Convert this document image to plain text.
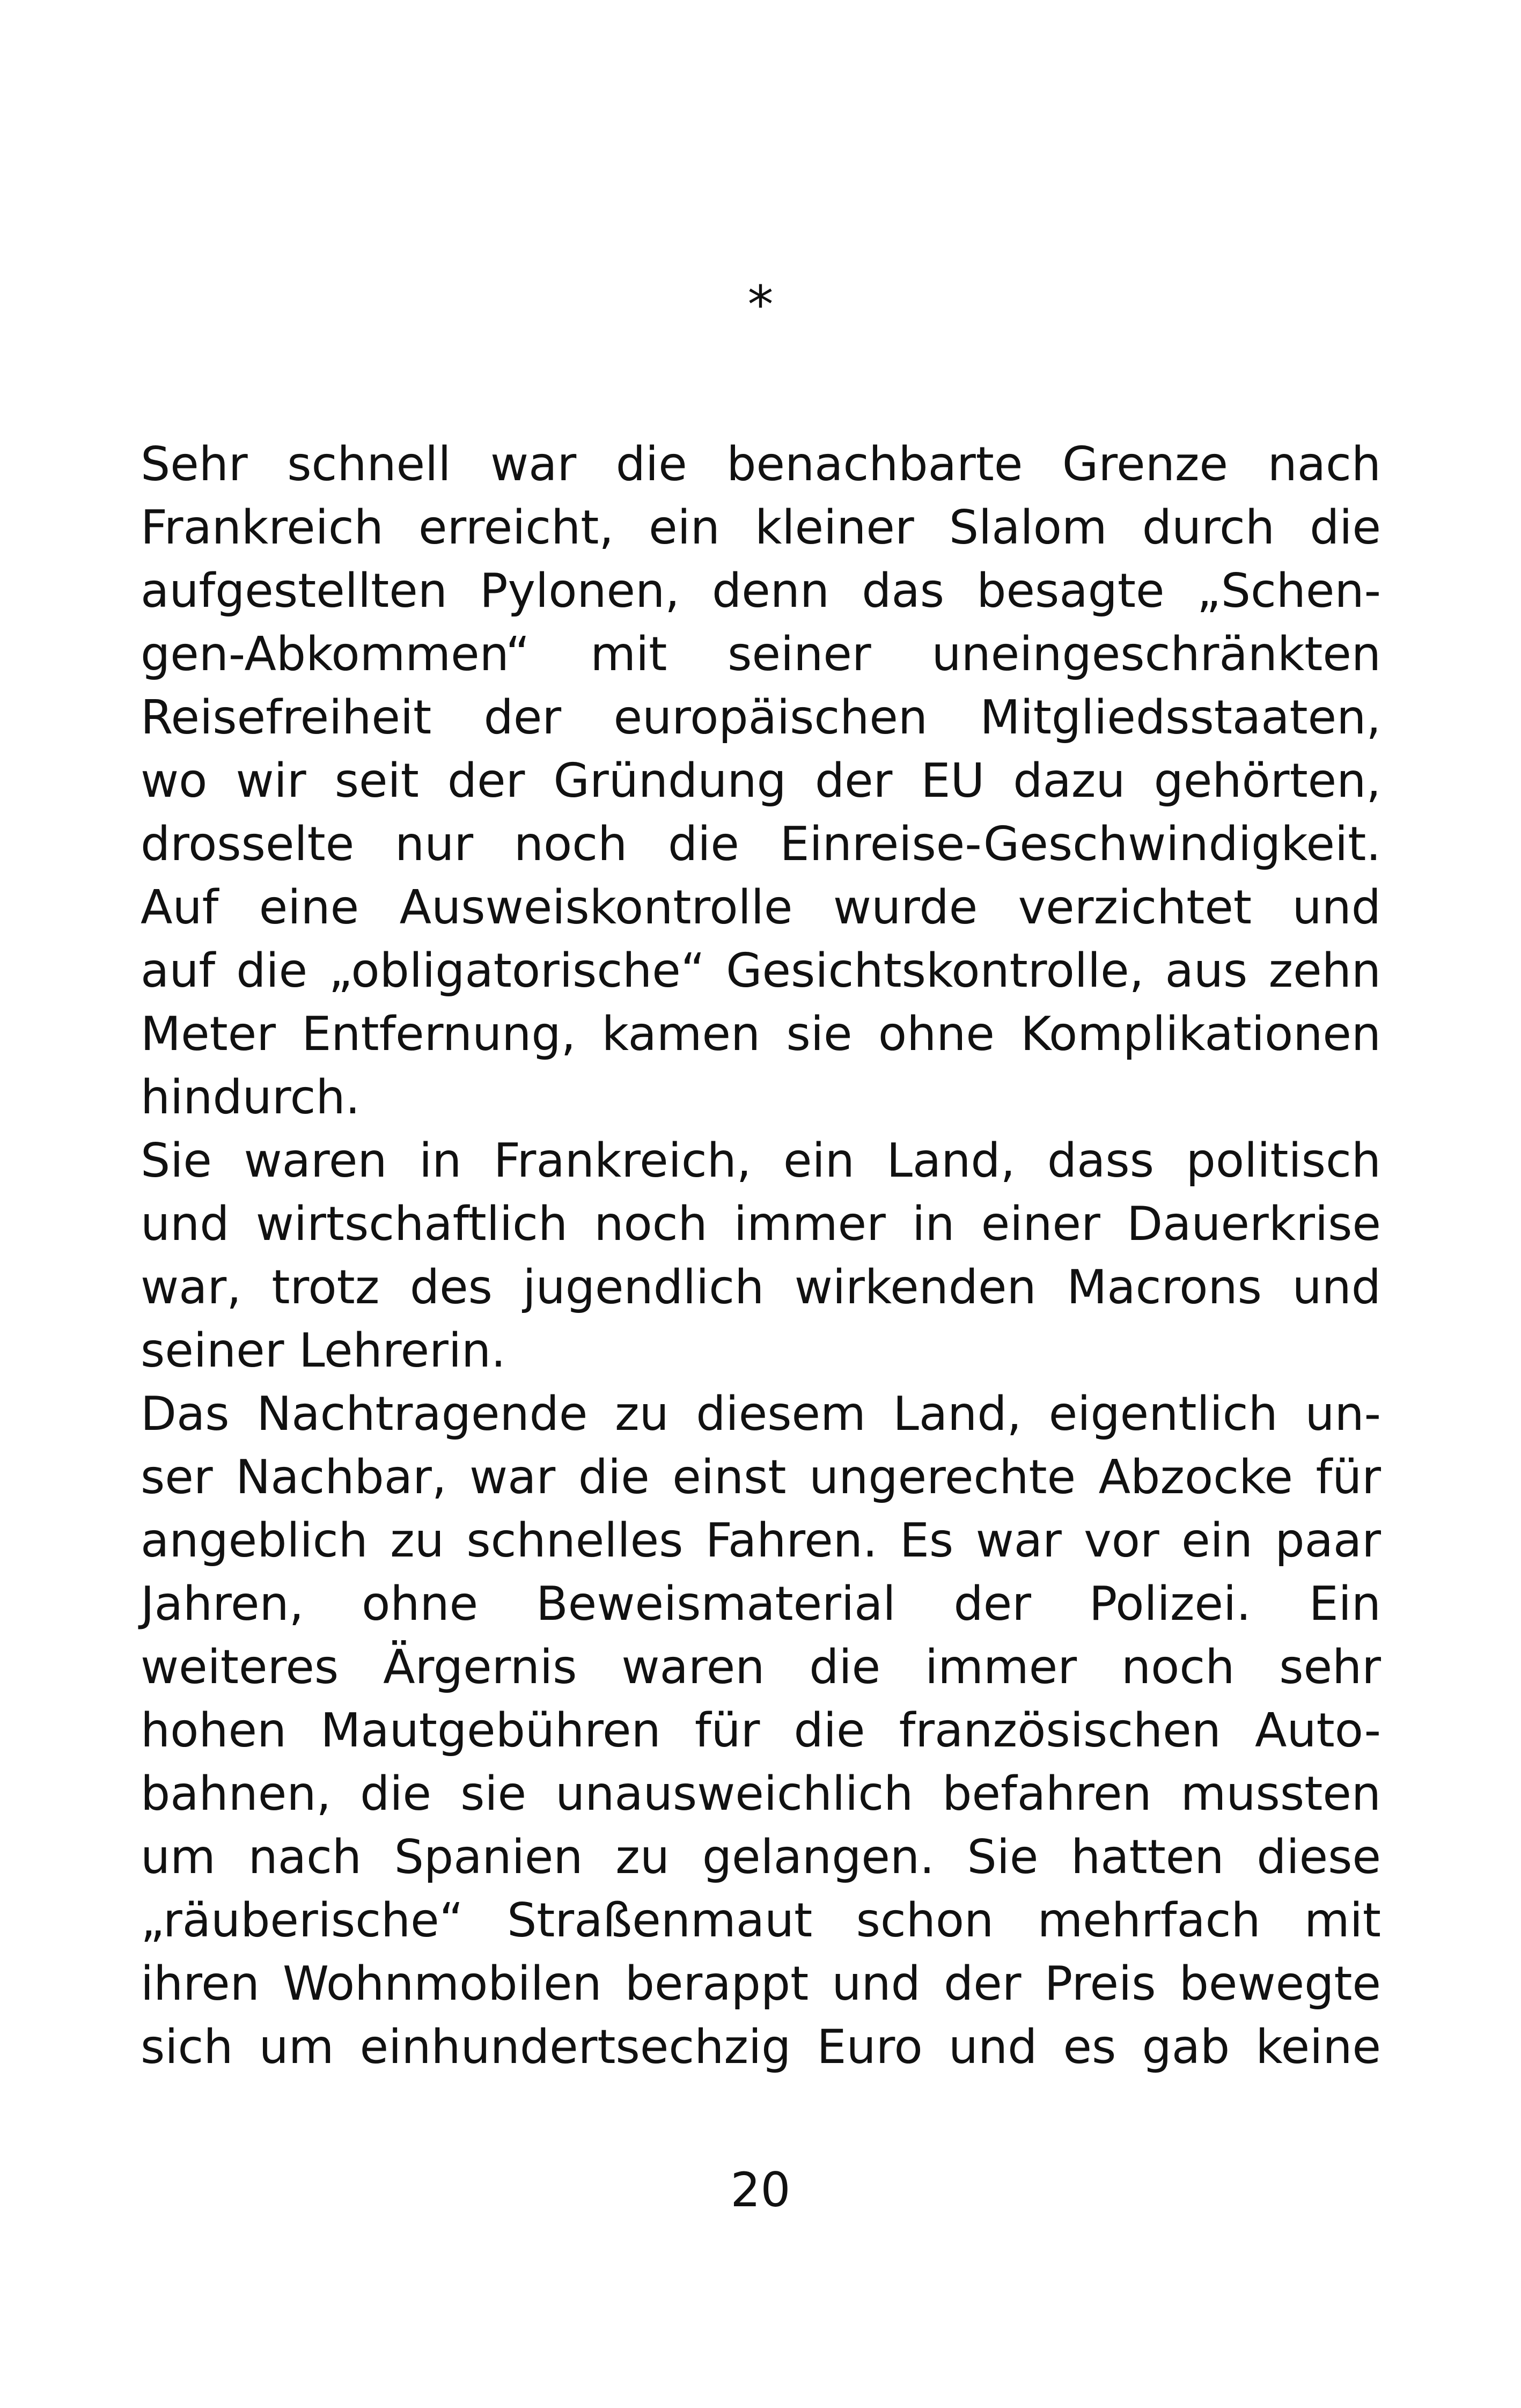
*
Sehr schnell war die benachbarte Grenze nach
Frankreich erreicht, ein kleiner Slalom durch die
aufgestellten Pylonen, denn das besagte „Schen-
gen-Abkommen“ mit seiner uneingeschränkten
Reisefreiheit der europäischen Mitgliedsstaaten,
wo wir seit der Gründung der EU dazu gehörten,
drosselte nur noch die Einreise-Geschwindigkeit.
Auf eine Ausweiskontrolle wurde verzichtet und
auf die „obligatorische“ Gesichtskontrolle, aus zehn
Meter Entfernung, kamen sie ohne Komplikationen
hindurch.
Sie waren in Frankreich, ein Land, dass politisch
und wirtschaftlich noch immer in einer Dauerkrise
war, trotz des jugendlich wirkenden Macrons und
seiner Lehrerin.
Das Nachtragende zu diesem Land, eigentlich un-
ser Nachbar, war die einst ungerechte Abzocke für
angeblich zu schnelles Fahren. Es war vor ein paar
Jahren, ohne Beweismaterial der Polizei. Ein
weiteres Ärgernis waren die immer noch sehr
hohen Mautgebühren für die französischen Auto-
bahnen, die sie unausweichlich befahren mussten
um nach Spanien zu gelangen. Sie hatten diese
„räuberische“ Straßenmaut schon mehrfach mit
ihren Wohnmobilen berappt und der Preis bewegte
sich um einhundertsechzig Euro und es gab keine
20
